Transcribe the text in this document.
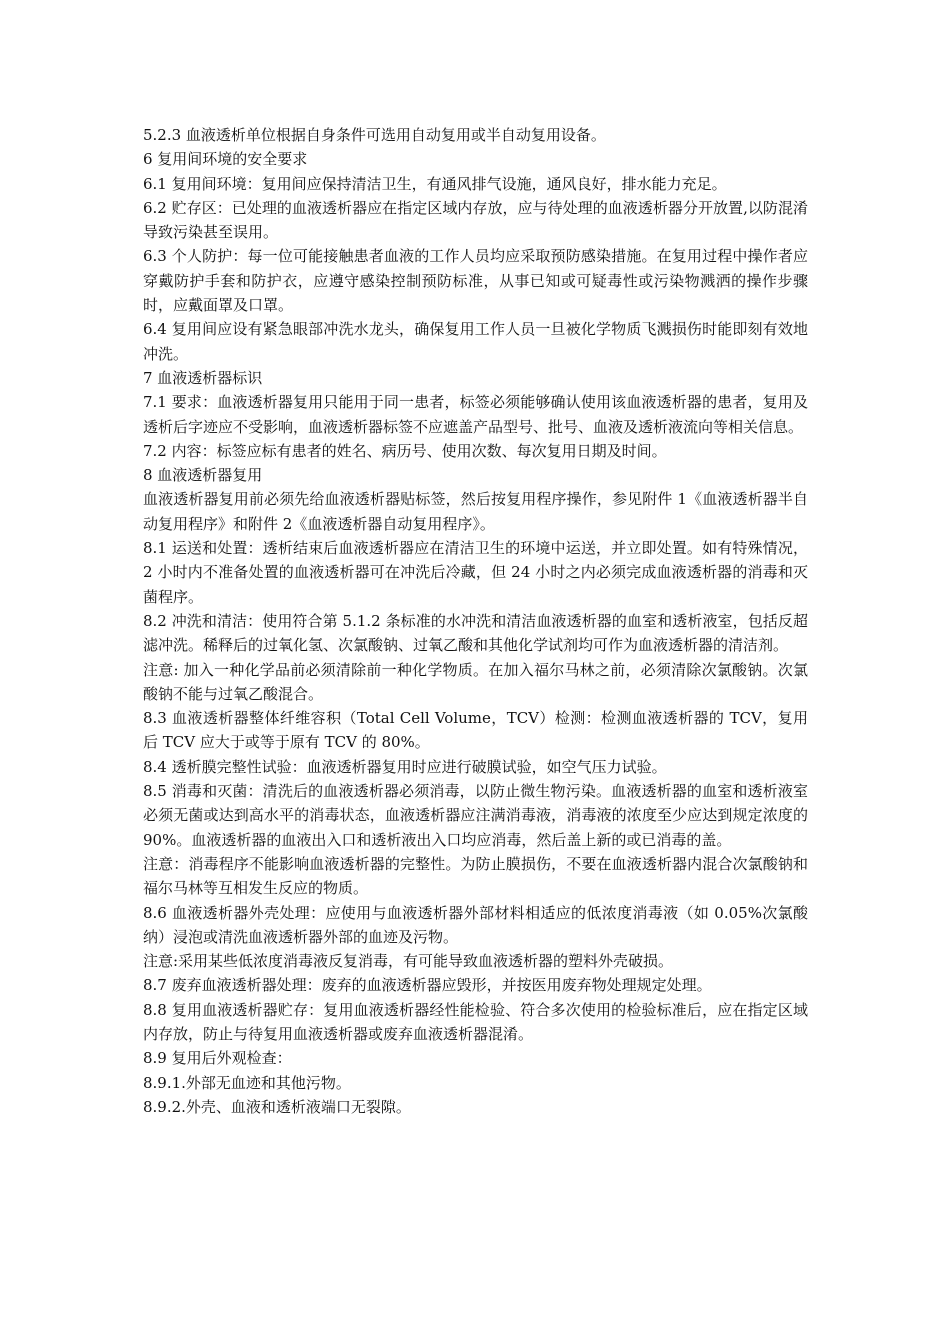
5.2.3 血液透析单位根据自身条件可选用自动复用或半自动复用设备。

6 复用间环境的安全要求

6.1 复用间环境：复用间应保持清洁卫生，有通风排气设施，通风良好，排水能力充足。

6.2 贮存区：已处理的血液透析器应在指定区域内存放，应与待处理的血液透析器分开放置,以防混淆导致污染甚至误用。

6.3 个人防护：每一位可能接触患者血液的工作人员均应采取预防感染措施。在复用过程中操作者应穿戴防护手套和防护衣，应遵守感染控制预防标准，从事已知或可疑毒性或污染物溅洒的操作步骤时，应戴面罩及口罩。

6.4 复用间应设有紧急眼部冲洗水龙头，确保复用工作人员一旦被化学物质飞溅损伤时能即刻有效地冲洗。

7 血液透析器标识

7.1 要求：血液透析器复用只能用于同一患者，标签必须能够确认使用该血液透析器的患者，复用及透析后字迹应不受影响，血液透析器标签不应遮盖产品型号、批号、血液及透析液流向等相关信息。

7.2 内容：标签应标有患者的姓名、病历号、使用次数、每次复用日期及时间。

8 血液透析器复用

血液透析器复用前必须先给血液透析器贴标签，然后按复用程序操作，参见附件 1《血液透析器半自动复用程序》和附件 2《血液透析器自动复用程序》。

8.1 运送和处置：透析结束后血液透析器应在清洁卫生的环境中运送，并立即处置。如有特殊情况，2 小时内不准备处置的血液透析器可在冲洗后冷藏，但 24 小时之内必须完成血液透析器的消毒和灭菌程序。

8.2 冲洗和清洁：使用符合第 5.1.2 条标准的水冲洗和清洁血液透析器的血室和透析液室，包括反超滤冲洗。稀释后的过氧化氢、次氯酸钠、过氧乙酸和其他化学试剂均可作为血液透析器的清洁剂。

注意: 加入一种化学品前必须清除前一种化学物质。在加入福尔马林之前，必须清除次氯酸钠。次氯酸钠不能与过氧乙酸混合。

8.3 血液透析器整体纤维容积（Total Cell Volume，TCV）检测：检测血液透析器的 TCV，复用后 TCV 应大于或等于原有 TCV 的 80%。

8.4 透析膜完整性试验：血液透析器复用时应进行破膜试验，如空气压力试验。

8.5 消毒和灭菌：清洗后的血液透析器必须消毒，以防止微生物污染。血液透析器的血室和透析液室必须无菌或达到高水平的消毒状态，血液透析器应注满消毒液，消毒液的浓度至少应达到规定浓度的 90%。血液透析器的血液出入口和透析液出入口均应消毒，然后盖上新的或已消毒的盖。

注意：消毒程序不能影响血液透析器的完整性。为防止膜损伤，不要在血液透析器内混合次氯酸钠和福尔马林等互相发生反应的物质。

8.6 血液透析器外壳处理：应使用与血液透析器外部材料相适应的低浓度消毒液（如 0.05%次氯酸纳）浸泡或清洗血液透析器外部的血迹及污物。

注意:采用某些低浓度消毒液反复消毒，有可能导致血液透析器的塑料外壳破损。

8.7 废弃血液透析器处理：废弃的血液透析器应毁形，并按医用废弃物处理规定处理。

8.8 复用血液透析器贮存：复用血液透析器经性能检验、符合多次使用的检验标准后，应在指定区域内存放，防止与待复用血液透析器或废弃血液透析器混淆。

8.9 复用后外观检查：

8.9.1.外部无血迹和其他污物。

8.9.2.外壳、血液和透析液端口无裂隙。
